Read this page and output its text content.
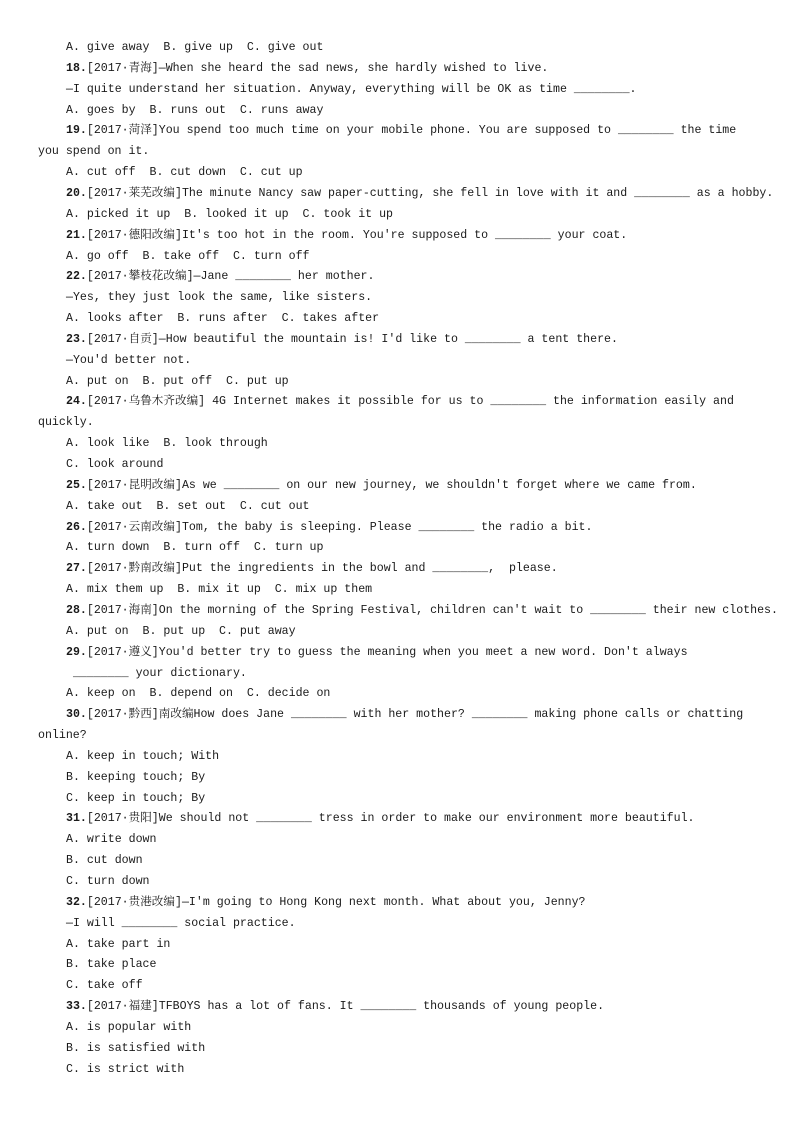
A. give away  B. give up  C. give out
18.[2017·青海]—When she heard the sad news, she hardly wished to live.
—I quite understand her situation. Anyway, everything will be OK as time ________.
A. goes by  B. runs out  C. runs away
19.[2017·菏泽]You spend too much time on your mobile phone. You are supposed to ________ the time
you spend on it.
A. cut off  B. cut down  C. cut up
20.[2017·莱芜改编]The minute Nancy saw paper-cutting, she fell in love with it and ________ as a hobby.
A. picked it up  B. looked it up  C. took it up
21.[2017·德阳改编]It's too hot in the room. You're supposed to ________ your coat.
A. go off  B. take off  C. turn off
22.[2017·攀枝花改编]—Jane ________ her mother.
—Yes, they just look the same, like sisters.
A. looks after  B. runs after  C. takes after
23.[2017·自贡]—How beautiful the mountain is! I'd like to ________ a tent there.
—You'd better not.
A. put on  B. put off  C. put up
24.[2017·乌鲁木齐改编] 4G Internet makes it possible for us to ________ the information easily and
quickly.
A. look like  B. look through
C. look around
25.[2017·昆明改编]As we ________ on our new journey, we shouldn't forget where we came from.
A. take out  B. set out  C. cut out
26.[2017·云南改编]Tom, the baby is sleeping. Please ________ the radio a bit.
A. turn down  B. turn off  C. turn up
27.[2017·黔南改编]Put the ingredients in the bowl and ________,  please.
A. mix them up  B. mix it up  C. mix up them
28.[2017·海南]On the morning of the Spring Festival, children can't wait to ________ their new clothes.
A. put on  B. put up  C. put away
29.[2017·遵义]You'd better try to guess the meaning when you meet a new word. Don't always
________ your dictionary.
A. keep on  B. depend on  C. decide on
30.[2017·黔西]南改编How does Jane ________ with her mother? ________ making phone calls or chatting
online?
A. keep in touch; With
B. keeping touch; By
C. keep in touch; By
31.[2017·贵阳]We should not ________ tress in order to make our environment more beautiful.
A. write down
B. cut down
C. turn down
32.[2017·贵港改编]—I'm going to Hong Kong next month. What about you, Jenny?
—I will ________ social practice.
A. take part in
B. take place
C. take off
33.[2017·福建]TFBOYS has a lot of fans. It ________ thousands of young people.
A. is popular with
B. is satisfied with
C. is strict with
